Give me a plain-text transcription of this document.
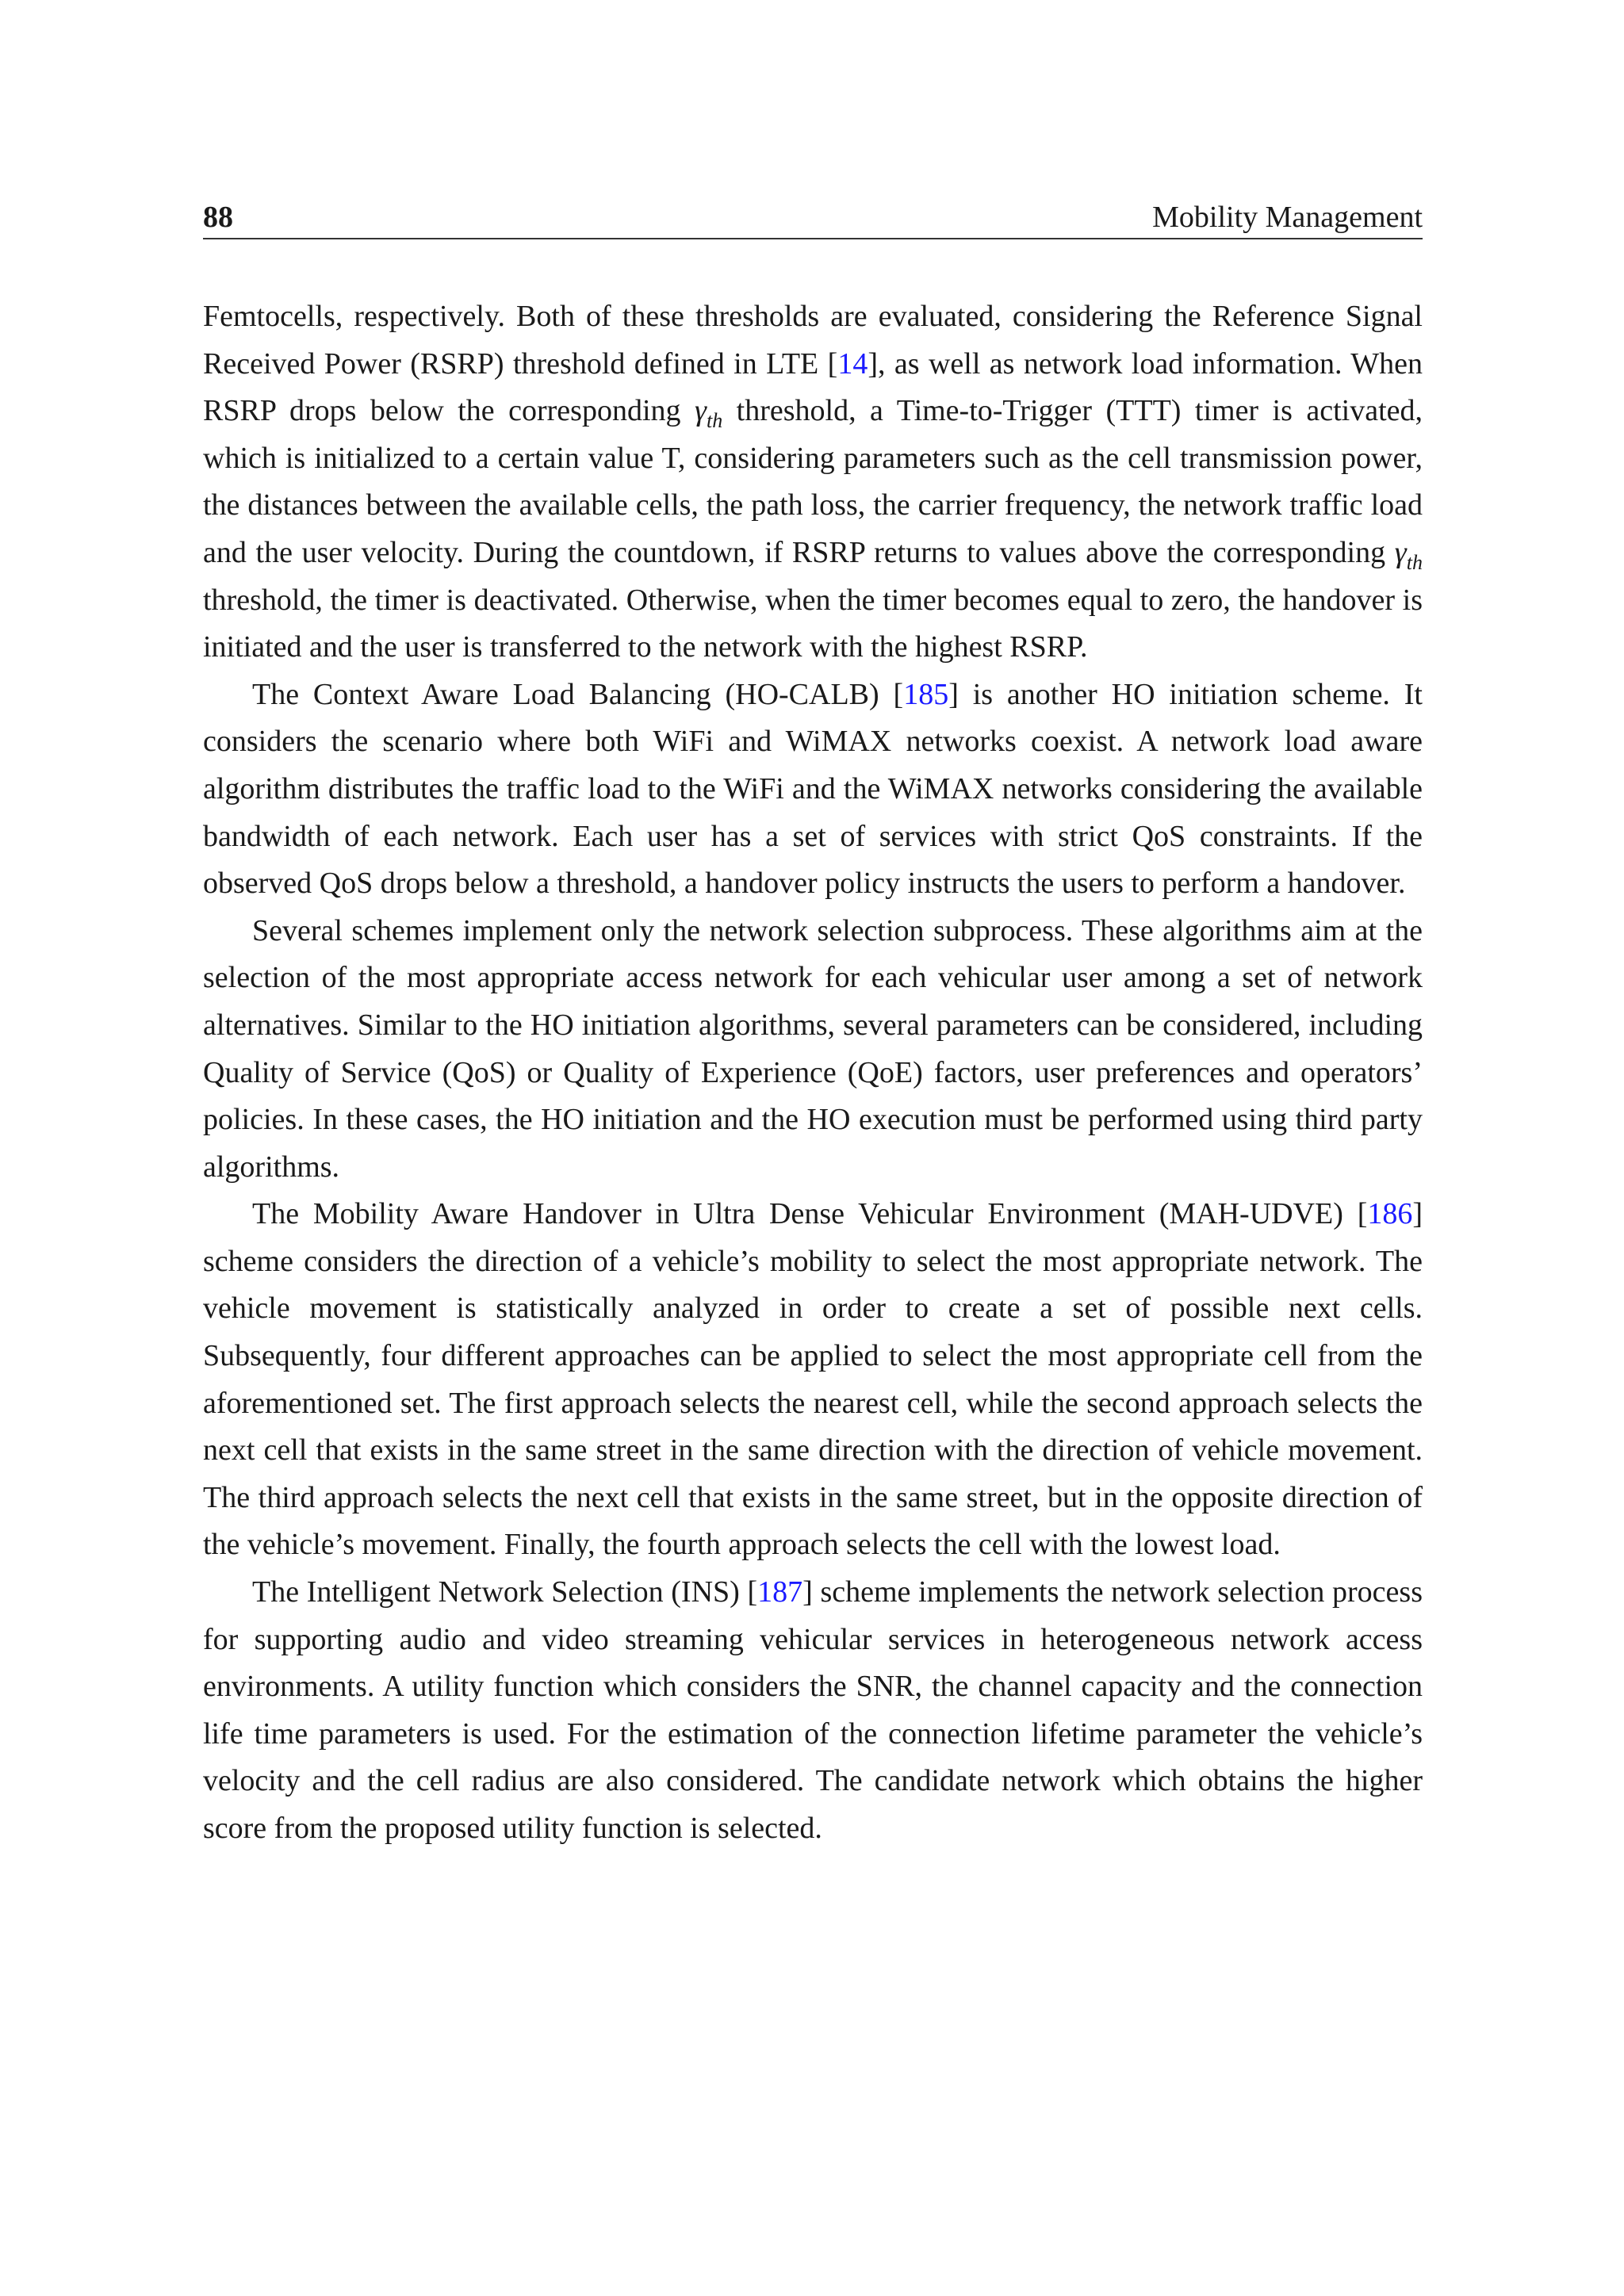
88	Mobility Management

Femtocells, respectively. Both of these thresholds are evaluated, considering the Reference Signal Received Power (RSRP) threshold defined in LTE [14], as well as network load information. When RSRP drops below the corresponding $\gamma_{th}$ threshold, a Time-to-Trigger (TTT) timer is activated, which is initialized to a certain value T, considering parameters such as the cell transmission power, the distances between the available cells, the path loss, the carrier frequency, the network traffic load and the user velocity. During the countdown, if RSRP returns to values above the corresponding $\gamma_{th}$ threshold, the timer is deactivated. Otherwise, when the timer becomes equal to zero, the handover is initiated and the user is transferred to the network with the highest RSRP.

The Context Aware Load Balancing (HO-CALB) [185] is another HO initiation scheme. It considers the scenario where both WiFi and WiMAX networks coexist. A network load aware algorithm distributes the traffic load to the WiFi and the WiMAX networks considering the available bandwidth of each network. Each user has a set of services with strict QoS constraints. If the observed QoS drops below a threshold, a handover policy instructs the users to perform a handover.

Several schemes implement only the network selection subprocess. These algorithms aim at the selection of the most appropriate access network for each vehicular user among a set of network alternatives. Similar to the HO initiation algorithms, several parameters can be considered, including Quality of Service (QoS) or Quality of Experience (QoE) factors, user preferences and operators’ policies. In these cases, the HO initiation and the HO execution must be performed using third party algorithms.

The Mobility Aware Handover in Ultra Dense Vehicular Environment (MAH-UDVE) [186] scheme considers the direction of a vehicle’s mobility to select the most appropriate network. The vehicle movement is statistically analyzed in order to create a set of possible next cells. Subsequently, four different approaches can be applied to select the most appropriate cell from the aforementioned set. The first approach selects the nearest cell, while the second approach selects the next cell that exists in the same street in the same direction with the direction of vehicle movement. The third approach selects the next cell that exists in the same street, but in the opposite direction of the vehicle’s movement. Finally, the fourth approach selects the cell with the lowest load.

The Intelligent Network Selection (INS) [187] scheme implements the network selection process for supporting audio and video streaming vehicular services in heterogeneous network access environments. A utility function which considers the SNR, the channel capacity and the connection life time parameters is used. For the estimation of the connection lifetime parameter the vehicle’s velocity and the cell radius are also considered. The candidate network which obtains the higher score from the proposed utility function is selected.
